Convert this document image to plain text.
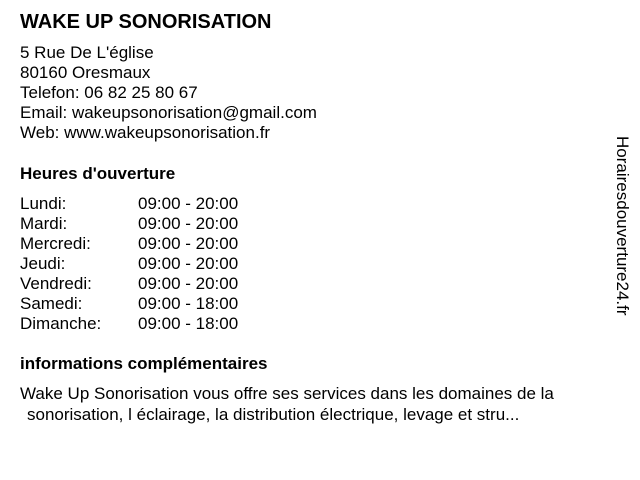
WAKE UP SONORISATION
5 Rue De L'église
80160 Oresmaux
Telefon: 06 82 25 80 67
Email: wakeupsonorisation@gmail.com
Web: www.wakeupsonorisation.fr
Heures d'ouverture
Lundi:	09:00 - 20:00
Mardi:	09:00 - 20:00
Mercredi:	09:00 - 20:00
Jeudi:	09:00 - 20:00
Vendredi:	09:00 - 20:00
Samedi:	09:00 - 18:00
Dimanche:	09:00 - 18:00
informations complémentaires
Wake Up Sonorisation vous offre ses services dans les domaines de la
sonorisation, l éclairage, la distribution électrique, levage et stru...
Horairesdouverture24.fr
